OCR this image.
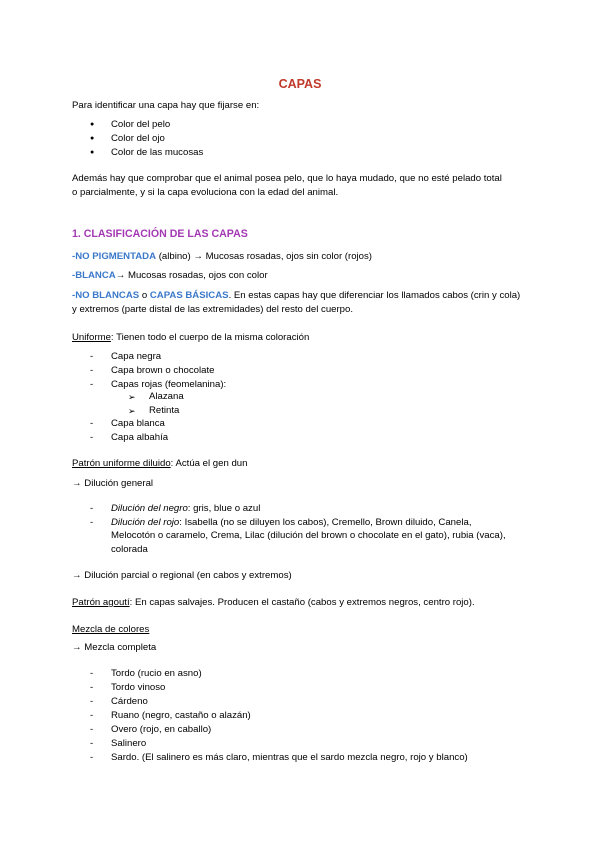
CAPAS
Para identificar una capa hay que fijarse en:
● Color del pelo
● Color del ojo
● Color de las mucosas
Además hay que comprobar que el animal posea pelo, que lo haya mudado, que no esté pelado total
o parcialmente, y si la capa evoluciona con la edad del animal.
1. CLASIFICACIÓN DE LAS CAPAS
-NO PIGMENTADA (albino) → Mucosas rosadas, ojos sin color (rojos)
-BLANCA→ Mucosas rosadas, ojos con color
-NO BLANCAS o CAPAS BÁSICAS. En estas capas hay que diferenciar los llamados cabos (crin y cola)
y extremos (parte distal de las extremidades) del resto del cuerpo.
Uniforme: Tienen todo el cuerpo de la misma coloración
- Capa negra
- Capa brown o chocolate
- Capas rojas (feomelanina):
➢ Alazana
➢ Retinta
- Capa blanca
- Capa albahía
Patrón uniforme diluido: Actúa el gen dun
→ Dilución general
- Dilución del negro: gris, blue o azul
- Dilución del rojo: Isabella (no se diluyen los cabos), Cremello, Brown diluido, Canela,
Melocotón o caramelo, Crema, Lilac (dilución del brown o chocolate en el gato), rubia (vaca),
colorada
→ Dilución parcial o regional (en cabos y extremos)
Patrón agoutí: En capas salvajes. Producen el castaño (cabos y extremos negros, centro rojo).
Mezcla de colores
→ Mezcla completa
- Tordo (rucio en asno)
- Tordo vinoso
- Cárdeno
- Ruano (negro, castaño o alazán)
- Overo (rojo, en caballo)
- Salinero
- Sardo. (El salinero es más claro, mientras que el sardo mezcla negro, rojo y blanco)
